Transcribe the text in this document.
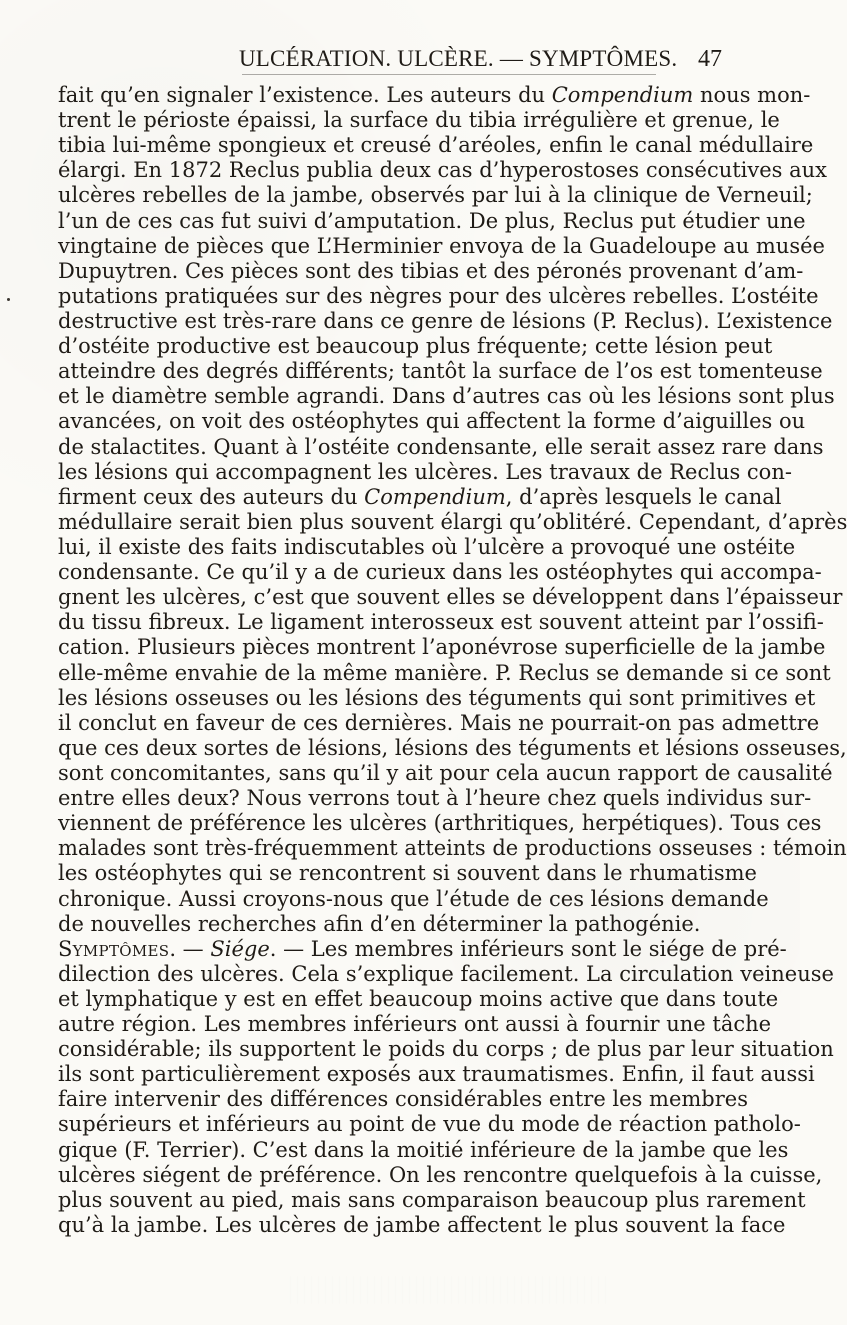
ULCÉRATION. ULCÈRE. — SYMPTÔMES. 47
fait qu’en signaler l’existence. Les auteurs du Compendium nous mon-
trent le périoste épaissi, la surface du tibia irrégulière et grenue, le
tibia lui-même spongieux et creusé d’aréoles, enfin le canal médullaire
élargi. En 1872 Reclus publia deux cas d’hyperostoses consécutives aux
ulcères rebelles de la jambe, observés par lui à la clinique de Verneuil;
l’un de ces cas fut suivi d’amputation. De plus, Reclus put étudier une
vingtaine de pièces que L’Herminier envoya de la Guadeloupe au musée
Dupuytren. Ces pièces sont des tibias et des péronés provenant d’am-
putations pratiquées sur des nègres pour des ulcères rebelles. L’ostéite
destructive est très-rare dans ce genre de lésions (P. Reclus). L’existence
d’ostéite productive est beaucoup plus fréquente; cette lésion peut
atteindre des degrés différents; tantôt la surface de l’os est tomenteuse
et le diamètre semble agrandi. Dans d’autres cas où les lésions sont plus
avancées, on voit des ostéophytes qui affectent la forme d’aiguilles ou
de stalactites. Quant à l’ostéite condensante, elle serait assez rare dans
les lésions qui accompagnent les ulcères. Les travaux de Reclus con-
firment ceux des auteurs du Compendium, d’après lesquels le canal
médullaire serait bien plus souvent élargi qu’oblitéré. Cependant, d’après
lui, il existe des faits indiscutables où l’ulcère a provoqué une ostéite
condensante. Ce qu’il y a de curieux dans les ostéophytes qui accompa-
gnent les ulcères, c’est que souvent elles se développent dans l’épaisseur
du tissu fibreux. Le ligament interosseux est souvent atteint par l’ossifi-
cation. Plusieurs pièces montrent l’aponévrose superficielle de la jambe
elle-même envahie de la même manière. P. Reclus se demande si ce sont
les lésions osseuses ou les lésions des téguments qui sont primitives et
il conclut en faveur de ces dernières. Mais ne pourrait-on pas admettre
que ces deux sortes de lésions, lésions des téguments et lésions osseuses,
sont concomitantes, sans qu’il y ait pour cela aucun rapport de causalité
entre elles deux? Nous verrons tout à l’heure chez quels individus sur-
viennent de préférence les ulcères (arthritiques, herpétiques). Tous ces
malades sont très-fréquemment atteints de productions osseuses : témoin
les ostéophytes qui se rencontrent si souvent dans le rhumatisme
chronique. Aussi croyons-nous que l’étude de ces lésions demande
de nouvelles recherches afin d’en déterminer la pathogénie.
Symptômes. — Siége. — Les membres inférieurs sont le siége de pré-
dilection des ulcères. Cela s’explique facilement. La circulation veineuse
et lymphatique y est en effet beaucoup moins active que dans toute
autre région. Les membres inférieurs ont aussi à fournir une tâche
considérable; ils supportent le poids du corps ; de plus par leur situation
ils sont particulièrement exposés aux traumatismes. Enfin, il faut aussi
faire intervenir des différences considérables entre les membres
supérieurs et inférieurs au point de vue du mode de réaction patholo-
gique (F. Terrier). C’est dans la moitié inférieure de la jambe que les
ulcères siégent de préférence. On les rencontre quelquefois à la cuisse,
plus souvent au pied, mais sans comparaison beaucoup plus rarement
qu’à la jambe. Les ulcères de jambe affectent le plus souvent la face
